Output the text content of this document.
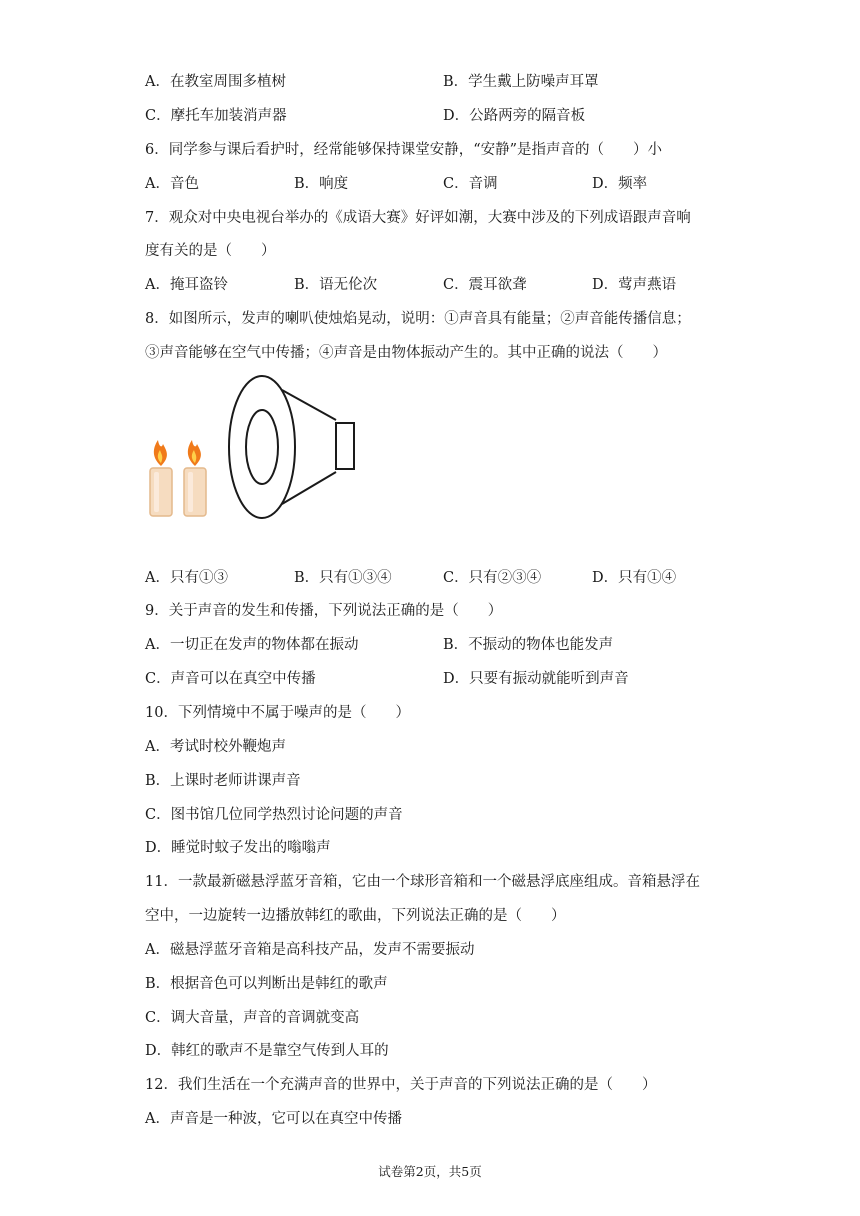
A．在教室周围多植树	B．学生戴上防噪声耳罩
C．摩托车加装消声器	D．公路两旁的隔音板
6．同学参与课后看护时，经常能够保持课堂安静，“安静”是指声音的（　　）小
A．音色	B．响度	C．音调	D．频率
7．观众对中央电视台举办的《成语大赛》好评如潮，大赛中涉及的下列成语跟声音响
度有关的是（　　）
A．掩耳盗铃	B．语无伦次	C．震耳欲聋	D．莺声燕语
8．如图所示，发声的喇叭使烛焰晃动，说明：①声音具有能量；②声音能传播信息；
③声音能够在空气中传播；④声音是由物体振动产生的。其中正确的说法（　　）
A．只有①③	B．只有①③④	C．只有②③④	D．只有①④
9．关于声音的发生和传播，下列说法正确的是（　　）
A．一切正在发声的物体都在振动	B．不振动的物体也能发声
C．声音可以在真空中传播	D．只要有振动就能听到声音
10．下列情境中不属于噪声的是（　　）
A．考试时校外鞭炮声
B．上课时老师讲课声音
C．图书馆几位同学热烈讨论问题的声音
D．睡觉时蚊子发出的嗡嗡声
11．一款最新磁悬浮蓝牙音箱，它由一个球形音箱和一个磁悬浮底座组成。音箱悬浮在
空中，一边旋转一边播放韩红的歌曲，下列说法正确的是（　　）
A．磁悬浮蓝牙音箱是高科技产品，发声不需要振动
B．根据音色可以判断出是韩红的歌声
C．调大音量，声音的音调就变高
D．韩红的歌声不是靠空气传到人耳的
12．我们生活在一个充满声音的世界中，关于声音的下列说法正确的是（　　）
A．声音是一种波，它可以在真空中传播
试卷第2页，共5页
